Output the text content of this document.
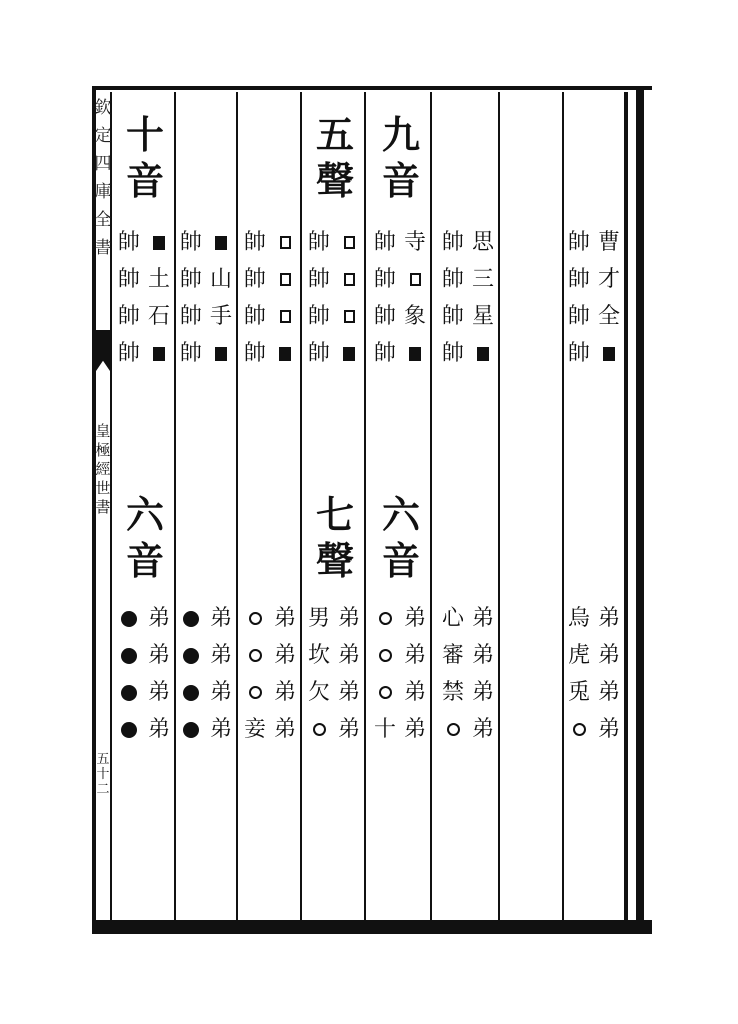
欽
定
四
庫
全
書
皇
極
經
世
書
五
十
二
十
音
帥
帥
帥
帥
土
石
六
音
弟
弟
弟
弟
帥
帥
帥
帥
山
手
弟
弟
弟
弟
帥
帥
帥
帥
妾
弟
弟
弟
弟
五
聲
帥
帥
帥
帥
七
聲
男
坎
欠
弟
弟
弟
弟
九
音
帥
帥
帥
帥
寺
象
六
音
十
弟
弟
弟
弟
帥
帥
帥
帥
思
三
星
心
審
禁
弟
弟
弟
弟
帥
帥
帥
帥
曹
才
全
烏
虎
兎
弟
弟
弟
弟
